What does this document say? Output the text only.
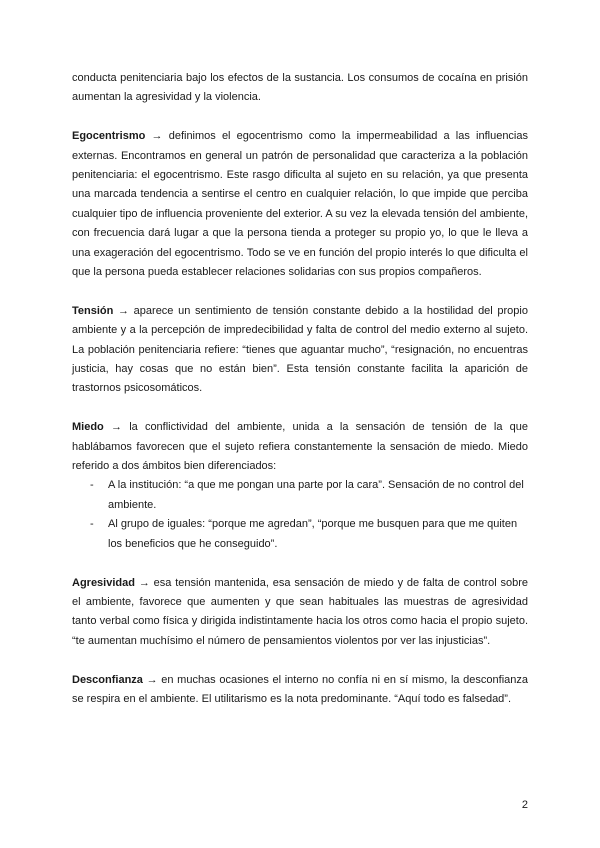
conducta penitenciaria bajo los efectos de la sustancia. Los consumos de cocaína en prisión aumentan la agresividad y la violencia.

Egocentrismo → definimos el egocentrismo como la impermeabilidad a las influencias externas. Encontramos en general un patrón de personalidad que caracteriza a la población penitenciaria: el egocentrismo. Este rasgo dificulta al sujeto en su relación, ya que presenta una marcada tendencia a sentirse el centro en cualquier relación, lo que impide que perciba cualquier tipo de influencia proveniente del exterior. A su vez la elevada tensión del ambiente, con frecuencia dará lugar a que la persona tienda a proteger su propio yo, lo que le lleva a una exageración del egocentrismo. Todo se ve en función del propio interés lo que dificulta el que la persona pueda establecer relaciones solidarias con sus propios compañeros.

Tensión → aparece un sentimiento de tensión constante debido a la hostilidad del propio ambiente y a la percepción de impredecibilidad y falta de control del medio externo al sujeto. La población penitenciaria refiere: “tienes que aguantar mucho”, “resignación, no encuentras justicia, hay cosas que no están bien”. Esta tensión constante facilita la aparición de trastornos psicosomáticos.

Miedo → la conflictividad del ambiente, unida a la sensación de tensión de la que hablábamos favorecen que el sujeto refiera constantemente la sensación de miedo. Miedo referido a dos ámbitos bien diferenciados:

- A la institución: “a que me pongan una parte por la cara”. Sensación de no control del ambiente.
- Al grupo de iguales: “porque me agredan”, “porque me busquen para que me quiten los beneficios que he conseguido”.

Agresividad → esa tensión mantenida, esa sensación de miedo y de falta de control sobre el ambiente, favorece que aumenten y que sean habituales las muestras de agresividad tanto verbal como física y dirigida indistintamente hacia los otros como hacia el propio sujeto. “te aumentan muchísimo el número de pensamientos violentos por ver las injusticias”.

Desconfianza → en muchas ocasiones el interno no confía ni en sí mismo, la desconfianza se respira en el ambiente. El utilitarismo es la nota predominante. “Aquí todo es falsedad”.

2
